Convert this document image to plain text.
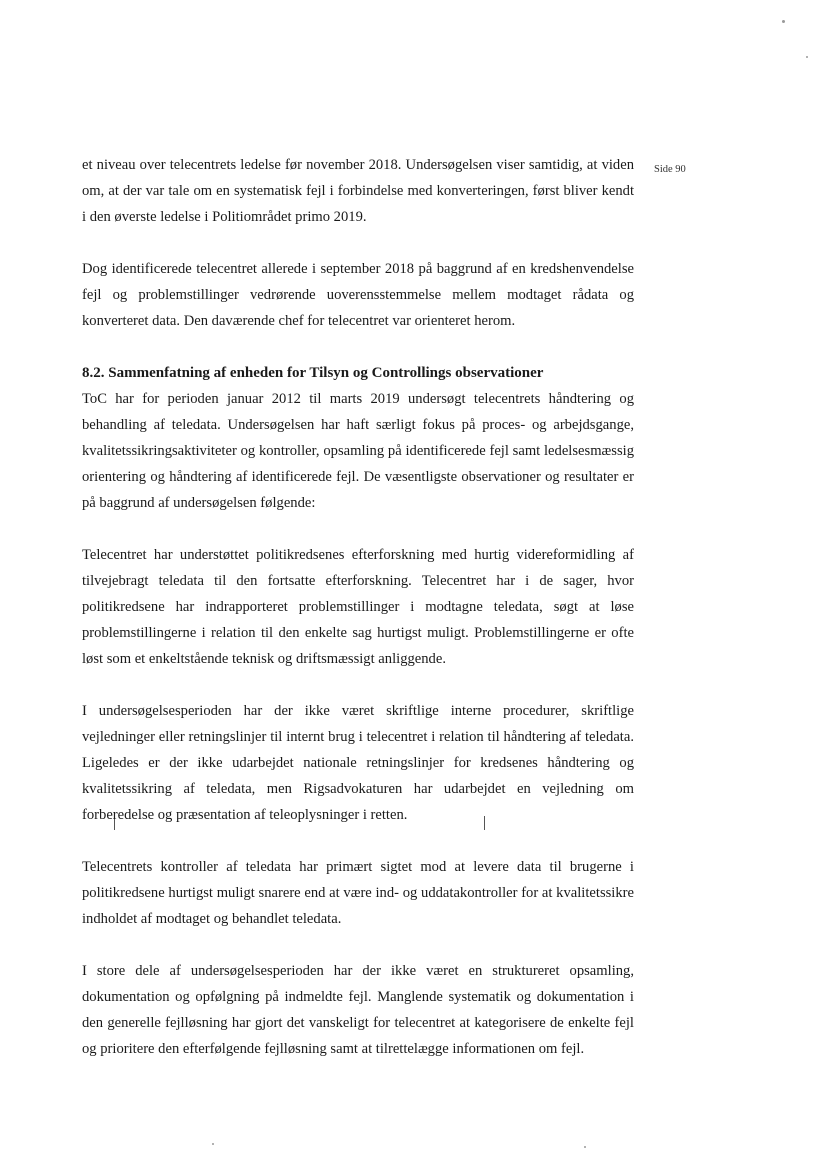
Side 90

et niveau over telecentrets ledelse før november 2018. Undersøgelsen viser samtidig, at viden om, at der var tale om en systematisk fejl i forbindelse med konverteringen, først bliver kendt i den øverste ledelse i Politiområdet primo 2019.

Dog identificerede telecentret allerede i september 2018 på baggrund af en kredshenvendelse fejl og problemstillinger vedrørende uoverensstemmelse mellem modtaget rådata og konverteret data. Den daværende chef for telecentret var orienteret herom.

8.2. Sammenfatning af enheden for Tilsyn og Controllings observationer

ToC har for perioden januar 2012 til marts 2019 undersøgt telecentrets håndtering og behandling af teledata. Undersøgelsen har haft særligt fokus på proces- og arbejdsgange, kvalitetssikringsaktiviteter og kontroller, opsamling på identificerede fejl samt ledelsesmæssig orientering og håndtering af identificerede fejl. De væsentligste observationer og resultater er på baggrund af undersøgelsen følgende:

Telecentret har understøttet politikredsenes efterforskning med hurtig videreformidling af tilvejebragt teledata til den fortsatte efterforskning. Telecentret har i de sager, hvor politikredsene har indrapporteret problemstillinger i modtagne teledata, søgt at løse problemstillingerne i relation til den enkelte sag hurtigst muligt. Problemstillingerne er ofte løst som et enkeltstående teknisk og driftsmæssigt anliggende.

I undersøgelsesperioden har der ikke været skriftlige interne procedurer, skriftlige vejledninger eller retningslinjer til internt brug i telecentret i relation til håndtering af teledata. Ligeledes er der ikke udarbejdet nationale retningslinjer for kredsenes håndtering og kvalitetssikring af teledata, men Rigsadvokaturen har udarbejdet en vejledning om forberedelse og præsentation af teleoplysninger i retten.

Telecentrets kontroller af teledata har primært sigtet mod at levere data til brugerne i politikredsene hurtigst muligt snarere end at være ind- og uddatakontroller for at kvalitetssikre indholdet af modtaget og behandlet teledata.

I store dele af undersøgelsesperioden har der ikke været en struktureret opsamling, dokumentation og opfølgning på indmeldte fejl. Manglende systematik og dokumentation i den generelle fejlløsning har gjort det vanskeligt for telecentret at kategorisere de enkelte fejl og prioritere den efterfølgende fejlløsning samt at tilrettelægge informationen om fejl.
